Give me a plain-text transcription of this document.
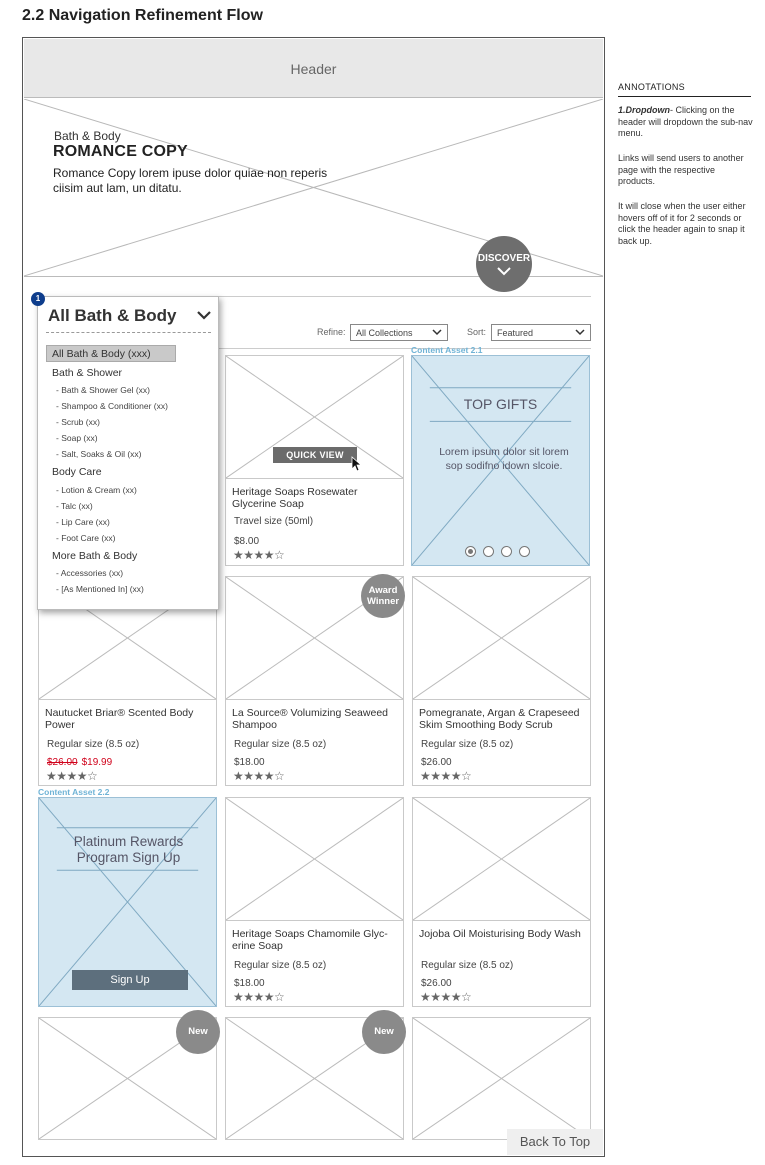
2.2 Navigation Refinement Flow
Header
Bath & Body
ROMANCE COPY
Romance Copy lorem ipuse dolor quiae non reperis ciisim aut lam, un ditatu.
DISCOVER
Refine:	All Collections	Sort:	Featured
Content Asset 2.1
QUICK VIEW
Heritage Soaps Rosewater Glycerine Soap
Travel size (50ml)
$8.00
★★★★☆
TOP GIFTS
Lorem ipsum dolor sit lorem sop sodifno idown slcoie.
Nautucket Briar® Scented Body Power
Regular size (8.5 oz)
$26.00 $19.99
★★★★☆
Award Winner
La Source® Volumizing Seaweed Shampoo
Regular size (8.5 oz)
$18.00
★★★★☆
Pomegranate, Argan & Crapeseed Skim Smoothing Body Scrub
Regular size (8.5 oz)
$26.00
★★★★☆
Content Asset 2.2
Platinum Rewards Program Sign Up
Sign Up
Heritage Soaps Chamomile Glyc- erine Soap
Regular size (8.5 oz)
$18.00
★★★★☆
Jojoba Oil Moisturising Body Wash
Regular size (8.5 oz)
$26.00
★★★★☆
New	New
Back To Top
All Bath & Body
All Bath & Body (xxx)
Bath & Shower
- Bath & Shower Gel (xx)
- Shampoo & Conditioner (xx)
- Scrub (xx)
- Soap (xx)
- Salt, Soaks & Oil (xx)
Body Care
- Lotion & Cream (xx)
- Talc (xx)
- Lip Care (xx)
- Foot Care (xx)
More Bath & Body
- Accessories (xx)
- [As Mentioned In] (xx)
1
ANNOTATIONS
1.Dropdown- Clicking on the header will dropdown the sub-nav menu.
Links will send users to another page with the respective products.
It will close when the user either hovers off of it for 2 seconds or click the header again to snap it back up.
